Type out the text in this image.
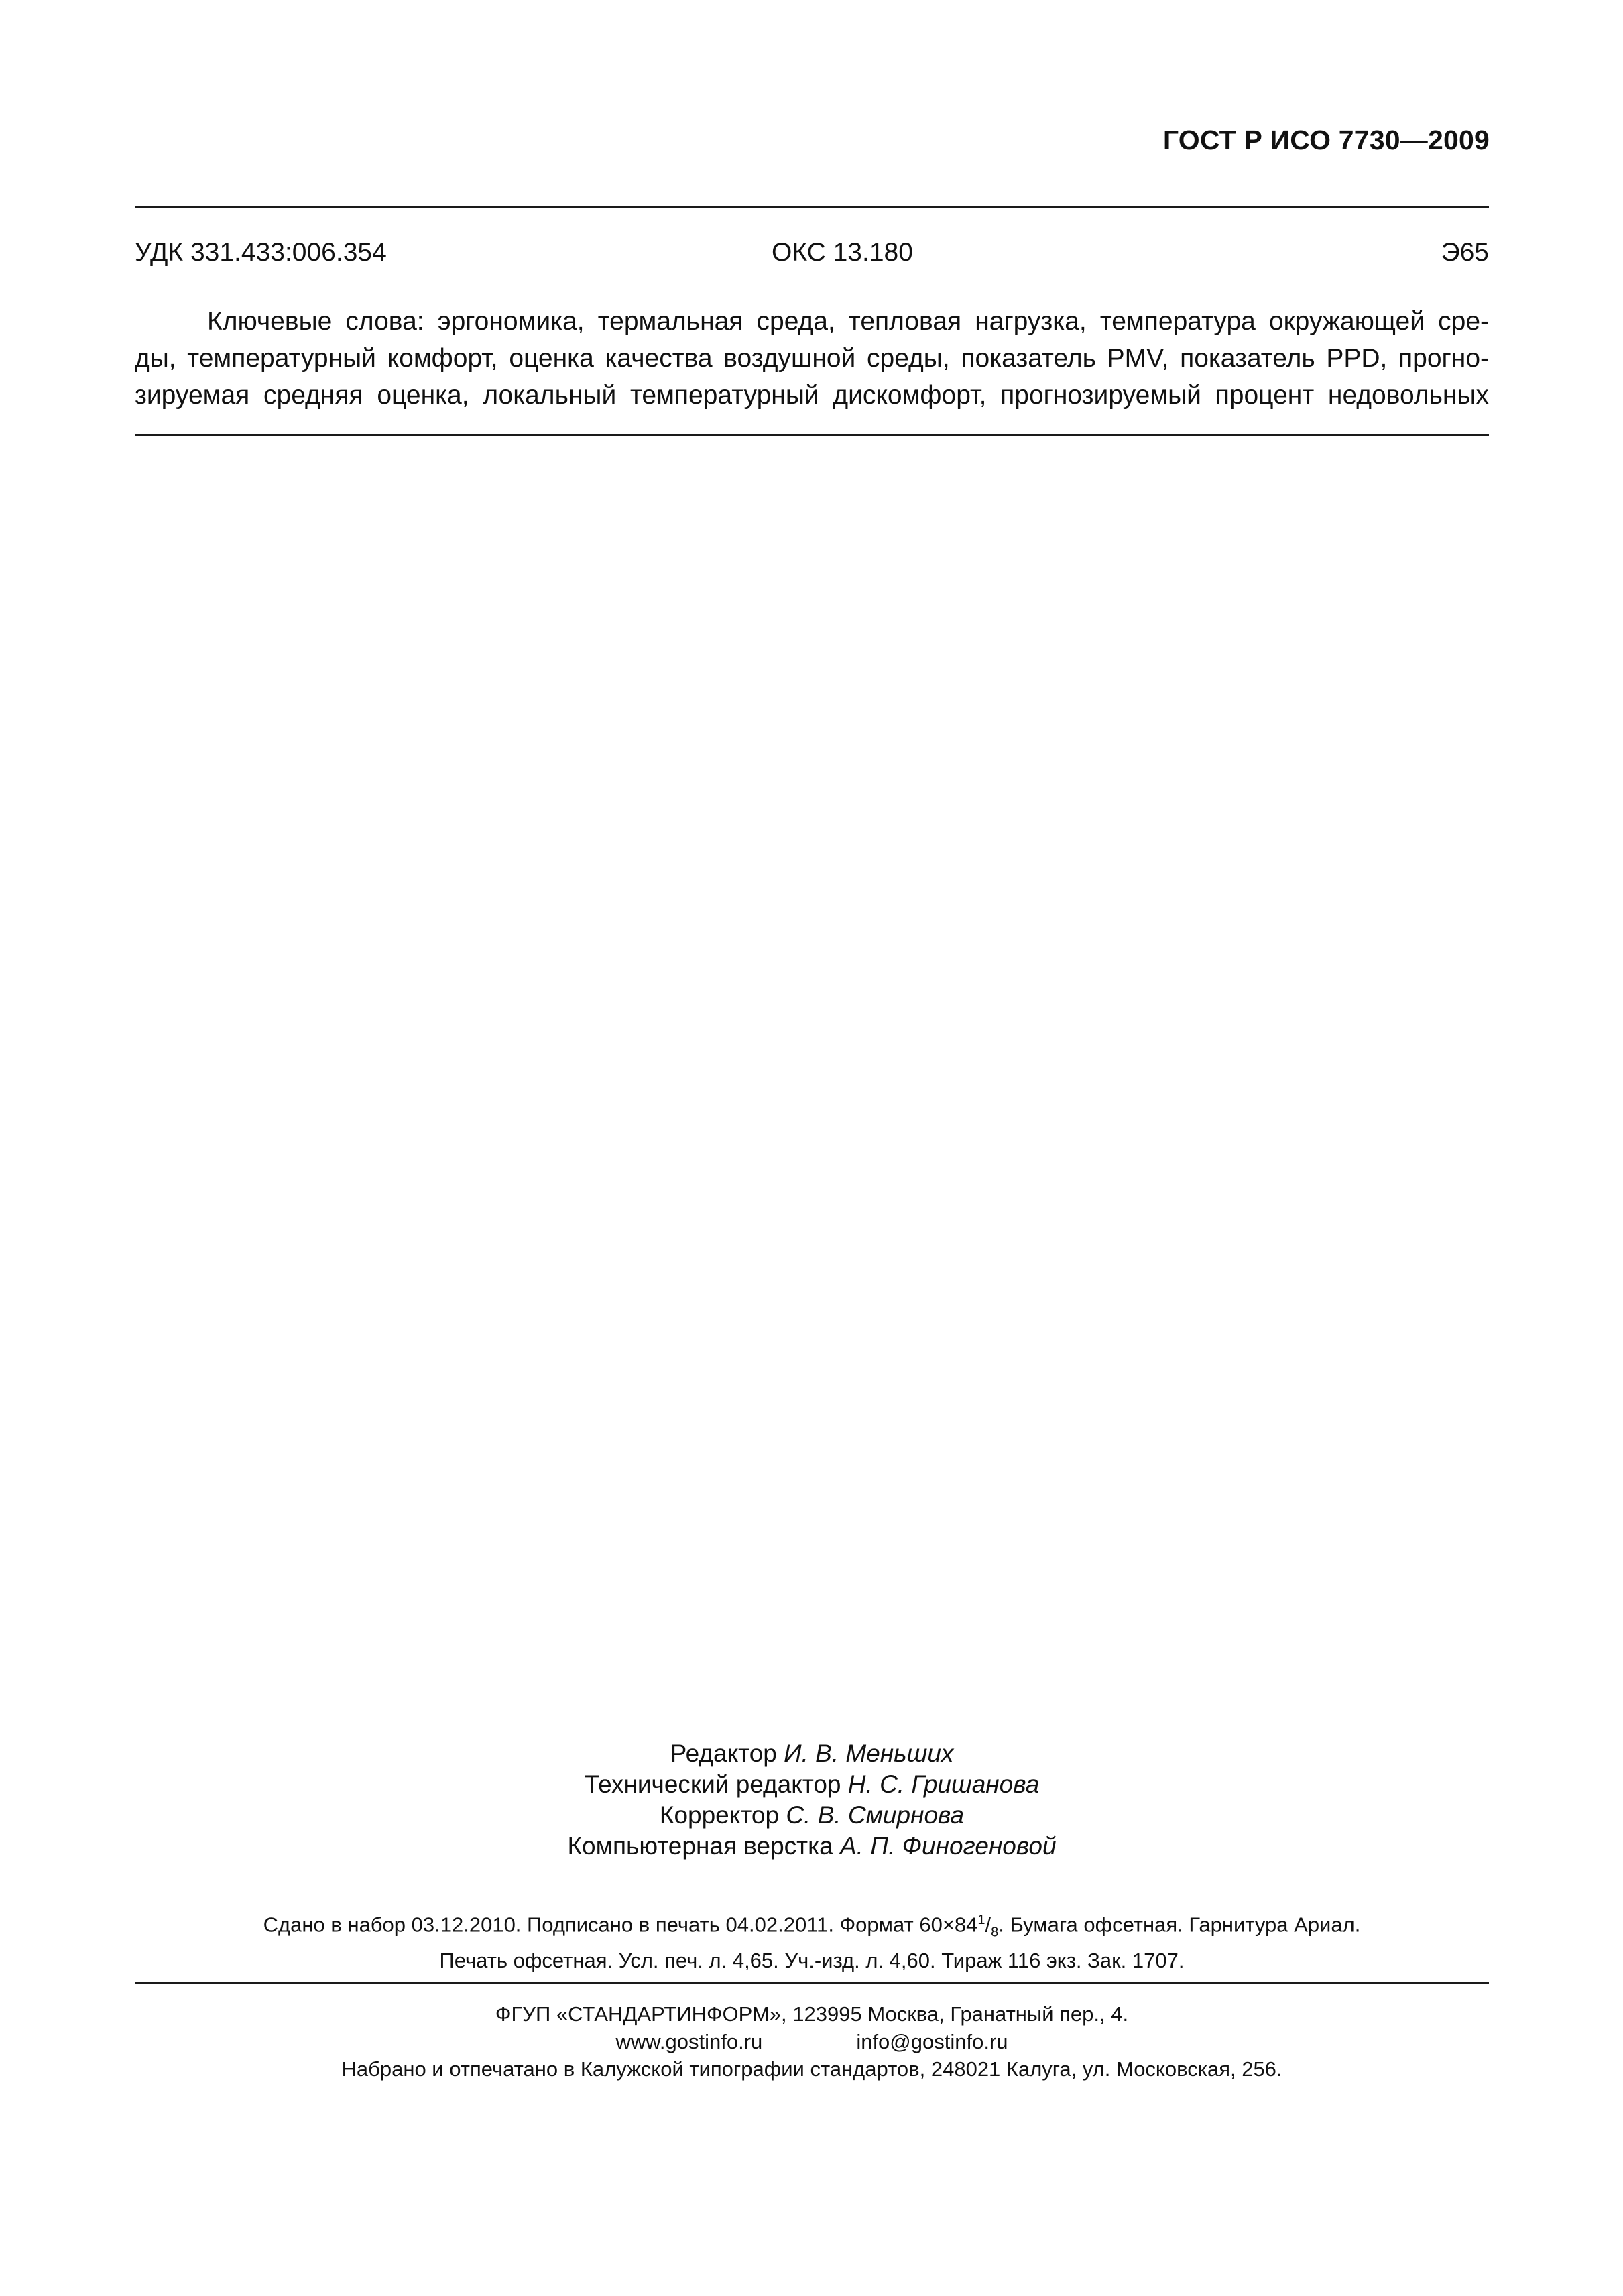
ГОСТ Р ИСО 7730—2009
УДК 331.433:006.354	ОКС 13.180	Э65
Ключевые слова: эргономика, термальная среда, тепловая нагрузка, температура окружающей сре-
ды, температурный комфорт, оценка качества воздушной среды, показатель PMV, показатель PPD, прогно-
зируемая средняя оценка, локальный температурный дискомфорт, прогнозируемый процент недовольных
Редактор И. В. Меньших
Технический редактор Н. С. Гришанова
Корректор С. В. Смирнова
Компьютерная верстка А. П. Финогеновой
Сдано в набор 03.12.2010. Подписано в печать 04.02.2011. Формат $60\times 84^1/_8$. Бумага офсетная. Гарнитура Ариал.
Печать офсетная. Усл. печ. л. 4,65. Уч.-изд. л. 4,60. Тираж 116 экз. Зак. 1707.
ФГУП «СТАНДАРТИНФОРМ», 123995 Москва, Гранатный пер., 4.
www.gostinfo.ru	info@gostinfo.ru
Набрано и отпечатано в Калужской типографии стандартов, 248021 Калуга, ул. Московская, 256.
